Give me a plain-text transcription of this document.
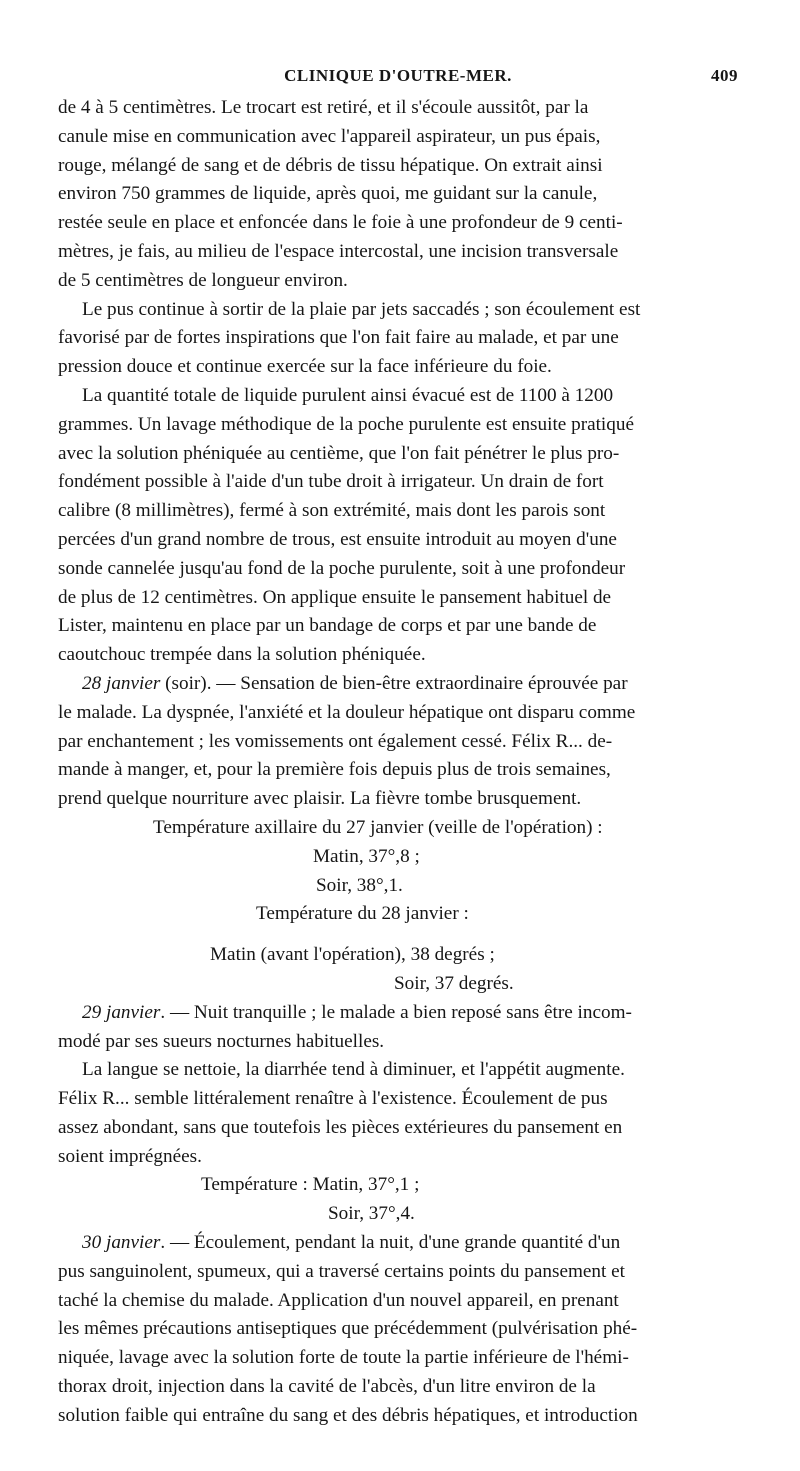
CLINIQUE D'OUTRE-MER.	409

de 4 à 5 centimètres. Le trocart est retiré, et il s'écoule aussitôt, par la
canule mise en communication avec l'appareil aspirateur, un pus épais,
rouge, mélangé de sang et de débris de tissu hépatique. On extrait ainsi
environ 750 grammes de liquide, après quoi, me guidant sur la canule,
restée seule en place et enfoncée dans le foie à une profondeur de 9 centi-
mètres, je fais, au milieu de l'espace intercostal, une incision transversale
de 5 centimètres de longueur environ.

Le pus continue à sortir de la plaie par jets saccadés ; son écoulement est
favorisé par de fortes inspirations que l'on fait faire au malade, et par une
pression douce et continue exercée sur la face inférieure du foie.

La quantité totale de liquide purulent ainsi évacué est de 1100 à 1200
grammes. Un lavage méthodique de la poche purulente est ensuite pratiqué
avec la solution phéniquée au centième, que l'on fait pénétrer le plus pro-
fondément possible à l'aide d'un tube droit à irrigateur. Un drain de fort
calibre (8 millimètres), fermé à son extrémité, mais dont les parois sont
percées d'un grand nombre de trous, est ensuite introduit au moyen d'une
sonde cannelée jusqu'au fond de la poche purulente, soit à une profondeur
de plus de 12 centimètres. On applique ensuite le pansement habituel de
Lister, maintenu en place par un bandage de corps et par une bande de
caoutchouc trempée dans la solution phéniquée.

28 janvier (soir). — Sensation de bien-être extraordinaire éprouvée par
le malade. La dyspnée, l'anxiété et la douleur hépatique ont disparu comme
par enchantement ; les vomissements ont également cessé. Félix R... de-
mande à manger, et, pour la première fois depuis plus de trois semaines,
prend quelque nourriture avec plaisir. La fièvre tombe brusquement.

Température axillaire du 27 janvier (veille de l'opération) :
Matin, 37°,8 ;
Soir, 38°,1.
Température du 28 janvier :
Matin (avant l'opération), 38 degrés ;
Soir, 37 degrés.

29 janvier. — Nuit tranquille ; le malade a bien reposé sans être incom-
modé par ses sueurs nocturnes habituelles.

La langue se nettoie, la diarrhée tend à diminuer, et l'appétit augmente.
Félix R... semble littéralement renaître à l'existence. Écoulement de pus
assez abondant, sans que toutefois les pièces extérieures du pansement en
soient imprégnées.

Température : Matin, 37°,1 ;
Soir, 37°,4.

30 janvier. — Écoulement, pendant la nuit, d'une grande quantité d'un
pus sanguinolent, spumeux, qui a traversé certains points du pansement et
taché la chemise du malade. Application d'un nouvel appareil, en prenant
les mêmes précautions antiseptiques que précédemment (pulvérisation phé-
niquée, lavage avec la solution forte de toute la partie inférieure de l'hémi-
thorax droit, injection dans la cavité de l'abcès, d'un litre environ de la
solution faible qui entraîne du sang et des débris hépatiques, et introduction
